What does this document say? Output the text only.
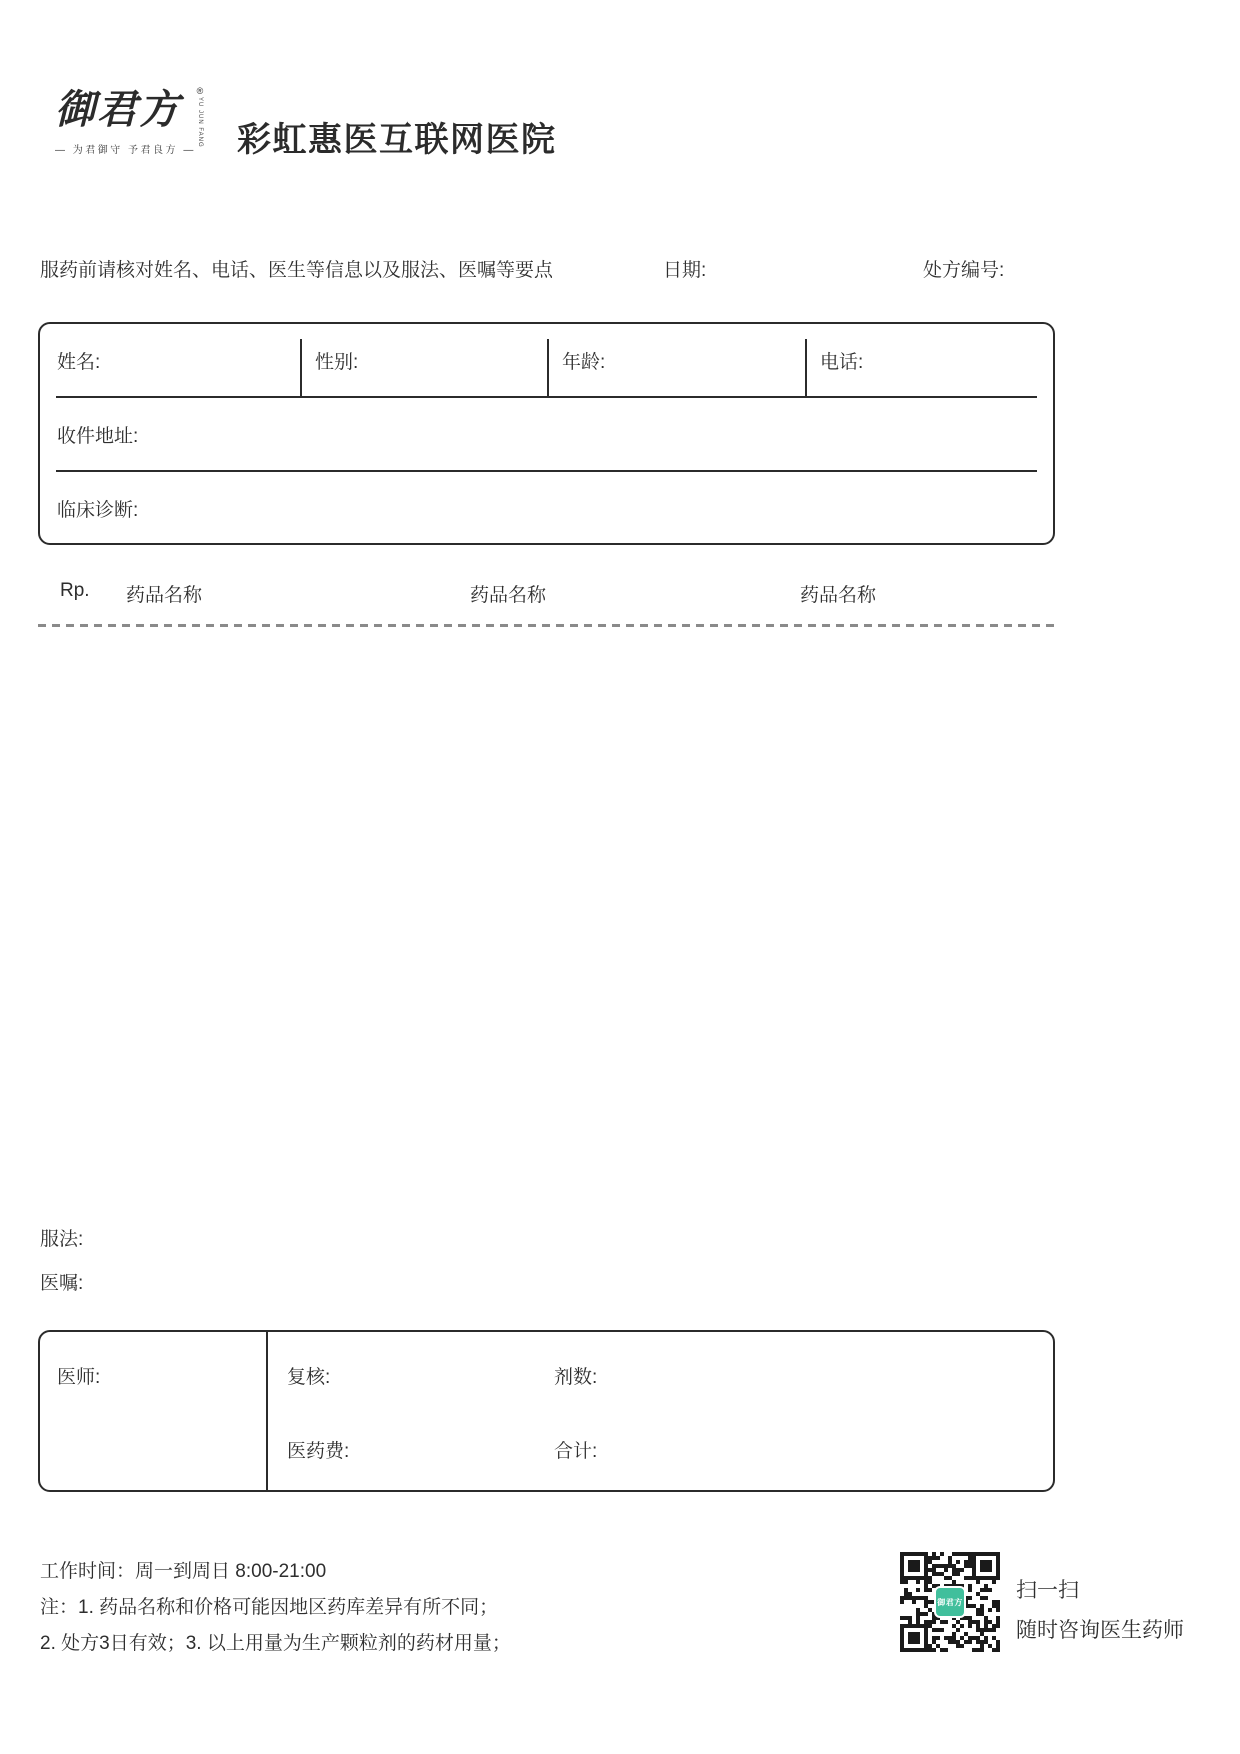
御君方	®
YU JUN FANG
— 为君御守 予君良方 — 彩虹惠医互联网医院
服药前请核对姓名、电话、医生等信息以及服法、医嘱等要点	日期:	处方编号:
姓名:	性别:	年龄:	电话:
收件地址:
临床诊断:
Rp. 药品名称	药品名称	药品名称
服法:
医嘱:
医师:	复核:	剂数:
医药费:	合计:
工作时间：周一到周日 8:00-21:00
注：1. 药品名称和价格可能因地区药库差异有所不同；
2. 处方3日有效；3. 以上用量为生产颗粒剂的药材用量；
御君方	扫一扫
随时咨询医生药师
